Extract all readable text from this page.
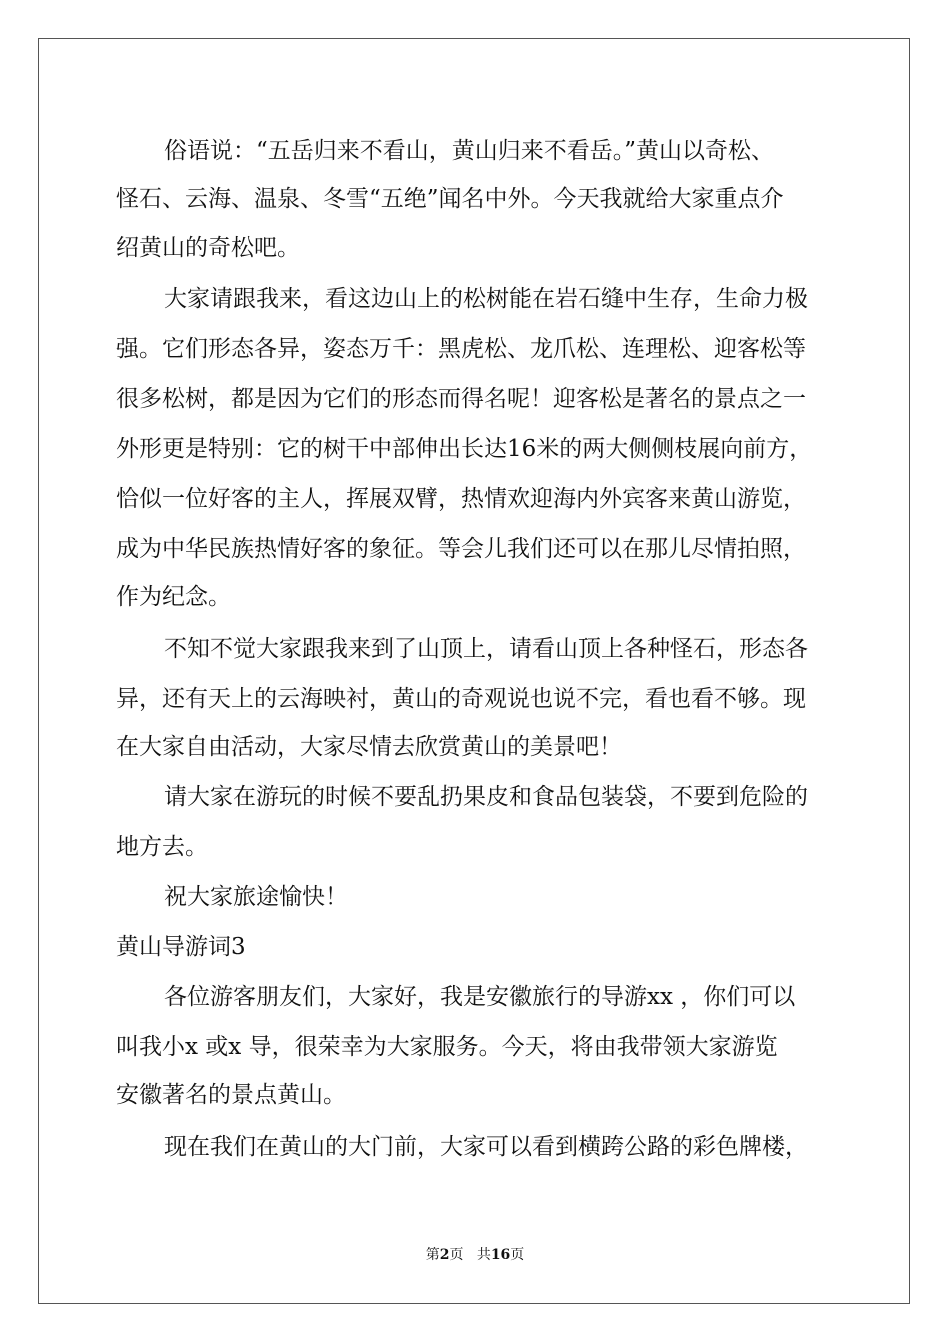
俗语说：“五岳归来不看山，黄山归来不看岳。”黄山以奇松、
怪石、云海、温泉、冬雪“五绝”闻名中外。今天我就给大家重点介
绍黄山的奇松吧。
大家请跟我来，看这边山上的松树能在岩石缝中生存，生命力极
强。它们形态各异，姿态万千：黑虎松、龙爪松、连理松、迎客松等
很多松树，都是因为它们的形态而得名呢！迎客松是著名的景点之一
外形更是特别：它的树干中部伸出长达16米的两大侧侧枝展向前方，
恰似一位好客的主人，挥展双臂，热情欢迎海内外宾客来黄山游览，
成为中华民族热情好客的象征。等会儿我们还可以在那儿尽情拍照，
作为纪念。
不知不觉大家跟我来到了山顶上，请看山顶上各种怪石，形态各
异，还有天上的云海映衬，黄山的奇观说也说不完，看也看不够。现
在大家自由活动，大家尽情去欣赏黄山的美景吧！
请大家在游玩的时候不要乱扔果皮和食品包装袋，不要到危险的
地方去。
祝大家旅途愉快！
黄山导游词3
各位游客朋友们，大家好，我是安徽旅行的导游xx ，你们可以
叫我小x 或x 导，很荣幸为大家服务。今天，将由我带领大家游览
安徽著名的景点黄山。
现在我们在黄山的大门前，大家可以看到横跨公路的彩色牌楼，
第2页 共16页
